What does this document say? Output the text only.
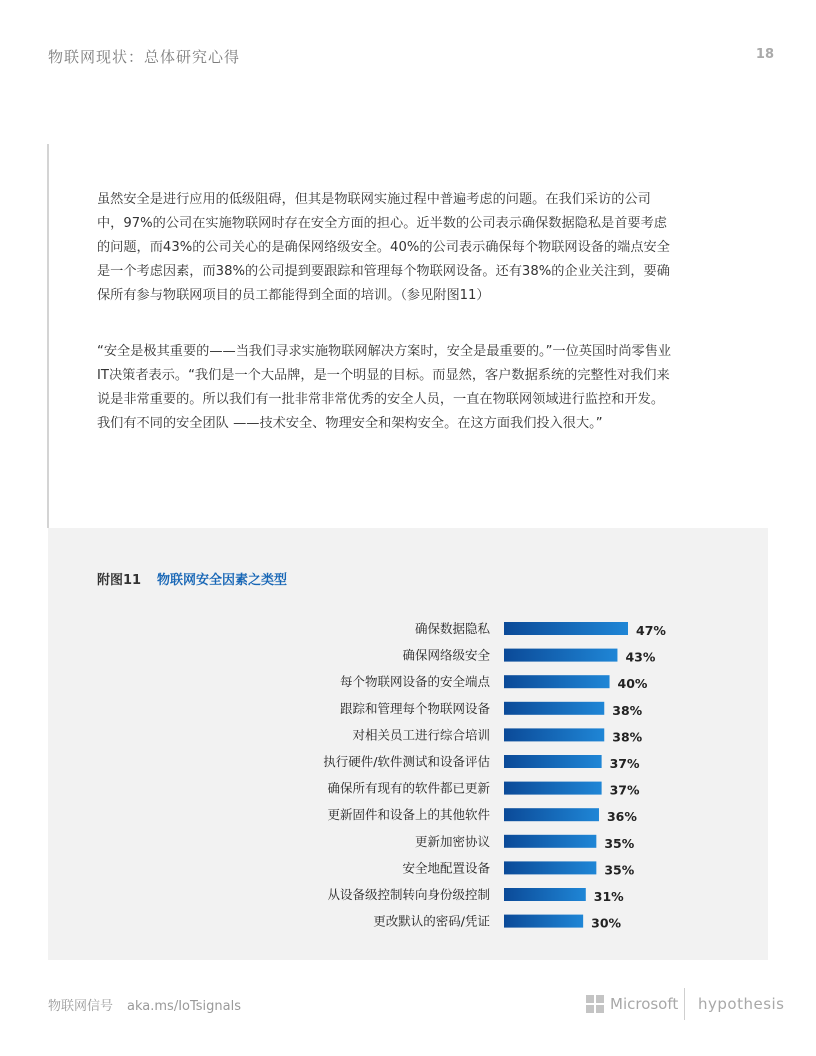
物联网现状：总体研究心得	18

虽然安全是进行应用的低级阻碍，但其是物联网实施过程中普遍考虑的问题。在我们采访的公司中，97%的公司在实施物联网时存在安全方面的担心。近半数的公司表示确保数据隐私是首要考虑的问题，而43%的公司关心的是确保网络级安全。40%的公司表示确保每个物联网设备的端点安全是一个考虑因素，而38%的公司提到要跟踪和管理每个物联网设备。还有38%的企业关注到，要确保所有参与物联网项目的员工都能得到全面的培训。（参见附图11）

“安全是极其重要的——当我们寻求实施物联网解决方案时，安全是最重要的。”一位英国时尚零售业IT决策者表示。“我们是一个大品牌，是一个明显的目标。而显然，客户数据系统的完整性对我们来说是非常重要的。所以我们有一批非常非常优秀的安全人员，一直在物联网领域进行监控和开发。我们有不同的安全团队 ——技术安全、物理安全和架构安全。在这方面我们投入很大。”

附图11 物联网安全因素之类型
确保数据隐私	47%
确保网络级安全	43%
每个物联网设备的安全端点	40%
跟踪和管理每个物联网设备	38%
对相关员工进行综合培训	38%
执行硬件/软件测试和设备评估	37%
确保所有现有的软件都已更新	37%
更新固件和设备上的其他软件	36%
更新加密协议	35%
安全地配置设备	35%
从设备级控制转向身份级控制	31%
更改默认的密码/凭证	30%
物联网信号 aka.ms/IoTsignals	Microsoft hypothesis
